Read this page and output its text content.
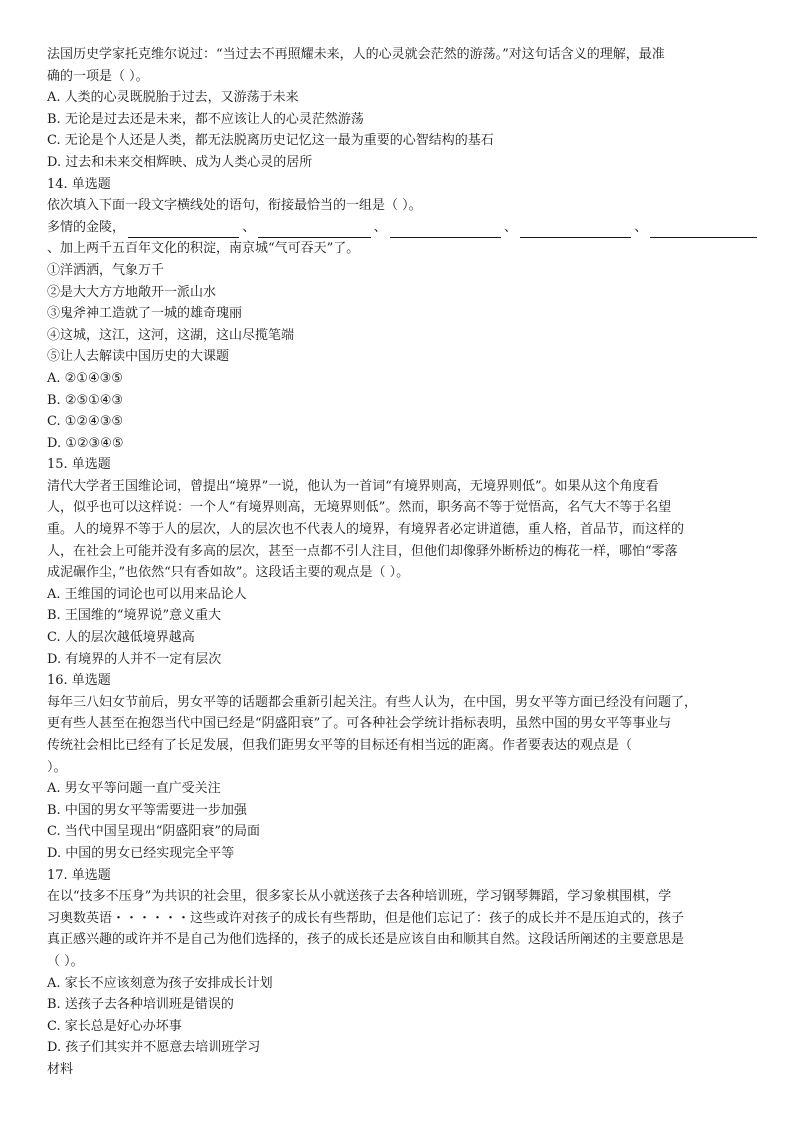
法国历史学家托克维尔说过：“当过去不再照耀未来，人的心灵就会茫然的游荡。”对这句话含义的理解，最准
确的一项是（ ）。
A. 人类的心灵既脱胎于过去，又游荡于未来
B. 无论是过去还是未来，都不应该让人的心灵茫然游荡
C. 无论是个人还是人类，都无法脱离历史记忆这一最为重要的心智结构的基石
D. 过去和未来交相辉映、成为人类心灵的居所
14. 单选题
依次填入下面一段文字横线处的语句，衔接最恰当的一组是（ ）。
多情的金陵，	、	、	、	、
、加上两千五百年文化的积淀，南京城“气可吞天”了。
①洋洒洒，气象万千
②是大大方方地敞开一派山水
③鬼斧神工造就了一城的雄奇瑰丽
④这城，这江，这河，这湖，这山尽揽笔端
⑤让人去解读中国历史的大课题
A. ②①④③⑤
B. ②⑤①④③
C. ①②④③⑤
D. ①②③④⑤
15. 单选题
清代大学者王国维论词，曾提出“境界”一说，他认为一首词“有境界则高，无境界则低”。如果从这个角度看
人，似乎也可以这样说：一个人“有境界则高，无境界则低”。然而，职务高不等于觉悟高，名气大不等于名望
重。人的境界不等于人的层次，人的层次也不代表人的境界，有境界者必定讲道德，重人格，首品节，而这样的
人，在社会上可能并没有多高的层次，甚至一点都不引人注目，但他们却像驿外断桥边的梅花一样，哪怕“零落
成泥碾作尘，”也依然“只有香如故”。这段话主要的观点是（ ）。
A. 王维国的词论也可以用来品论人
B. 王国维的“境界说”意义重大
C. 人的层次越低境界越高
D. 有境界的人并不一定有层次
16. 单选题
每年三八妇女节前后，男女平等的话题都会重新引起关注。有些人认为，在中国，男女平等方面已经没有问题了，
更有些人甚至在抱怨当代中国已经是“阴盛阳衰”了。可各种社会学统计指标表明，虽然中国的男女平等事业与
传统社会相比已经有了长足发展，但我们距男女平等的目标还有相当远的距离。作者要表达的观点是（
）。
A. 男女平等问题一直广受关注
B. 中国的男女平等需要进一步加强
C. 当代中国呈现出“阴盛阳衰”的局面
D. 中国的男女已经实现完全平等
17. 单选题
在以“技多不压身”为共识的社会里，很多家长从小就送孩子去各种培训班，学习钢琴舞蹈，学习象棋围棋，学
习奥数英语・・・・・・这些或许对孩子的成长有些帮助，但是他们忘记了：孩子的成长并不是压迫式的，孩子
真正感兴趣的或许并不是自己为他们选择的，孩子的成长还是应该自由和顺其自然。这段话所阐述的主要意思是
（ ）。
A. 家长不应该刻意为孩子安排成长计划
B. 送孩子去各种培训班是错误的
C. 家长总是好心办坏事
D. 孩子们其实并不愿意去培训班学习
材料
